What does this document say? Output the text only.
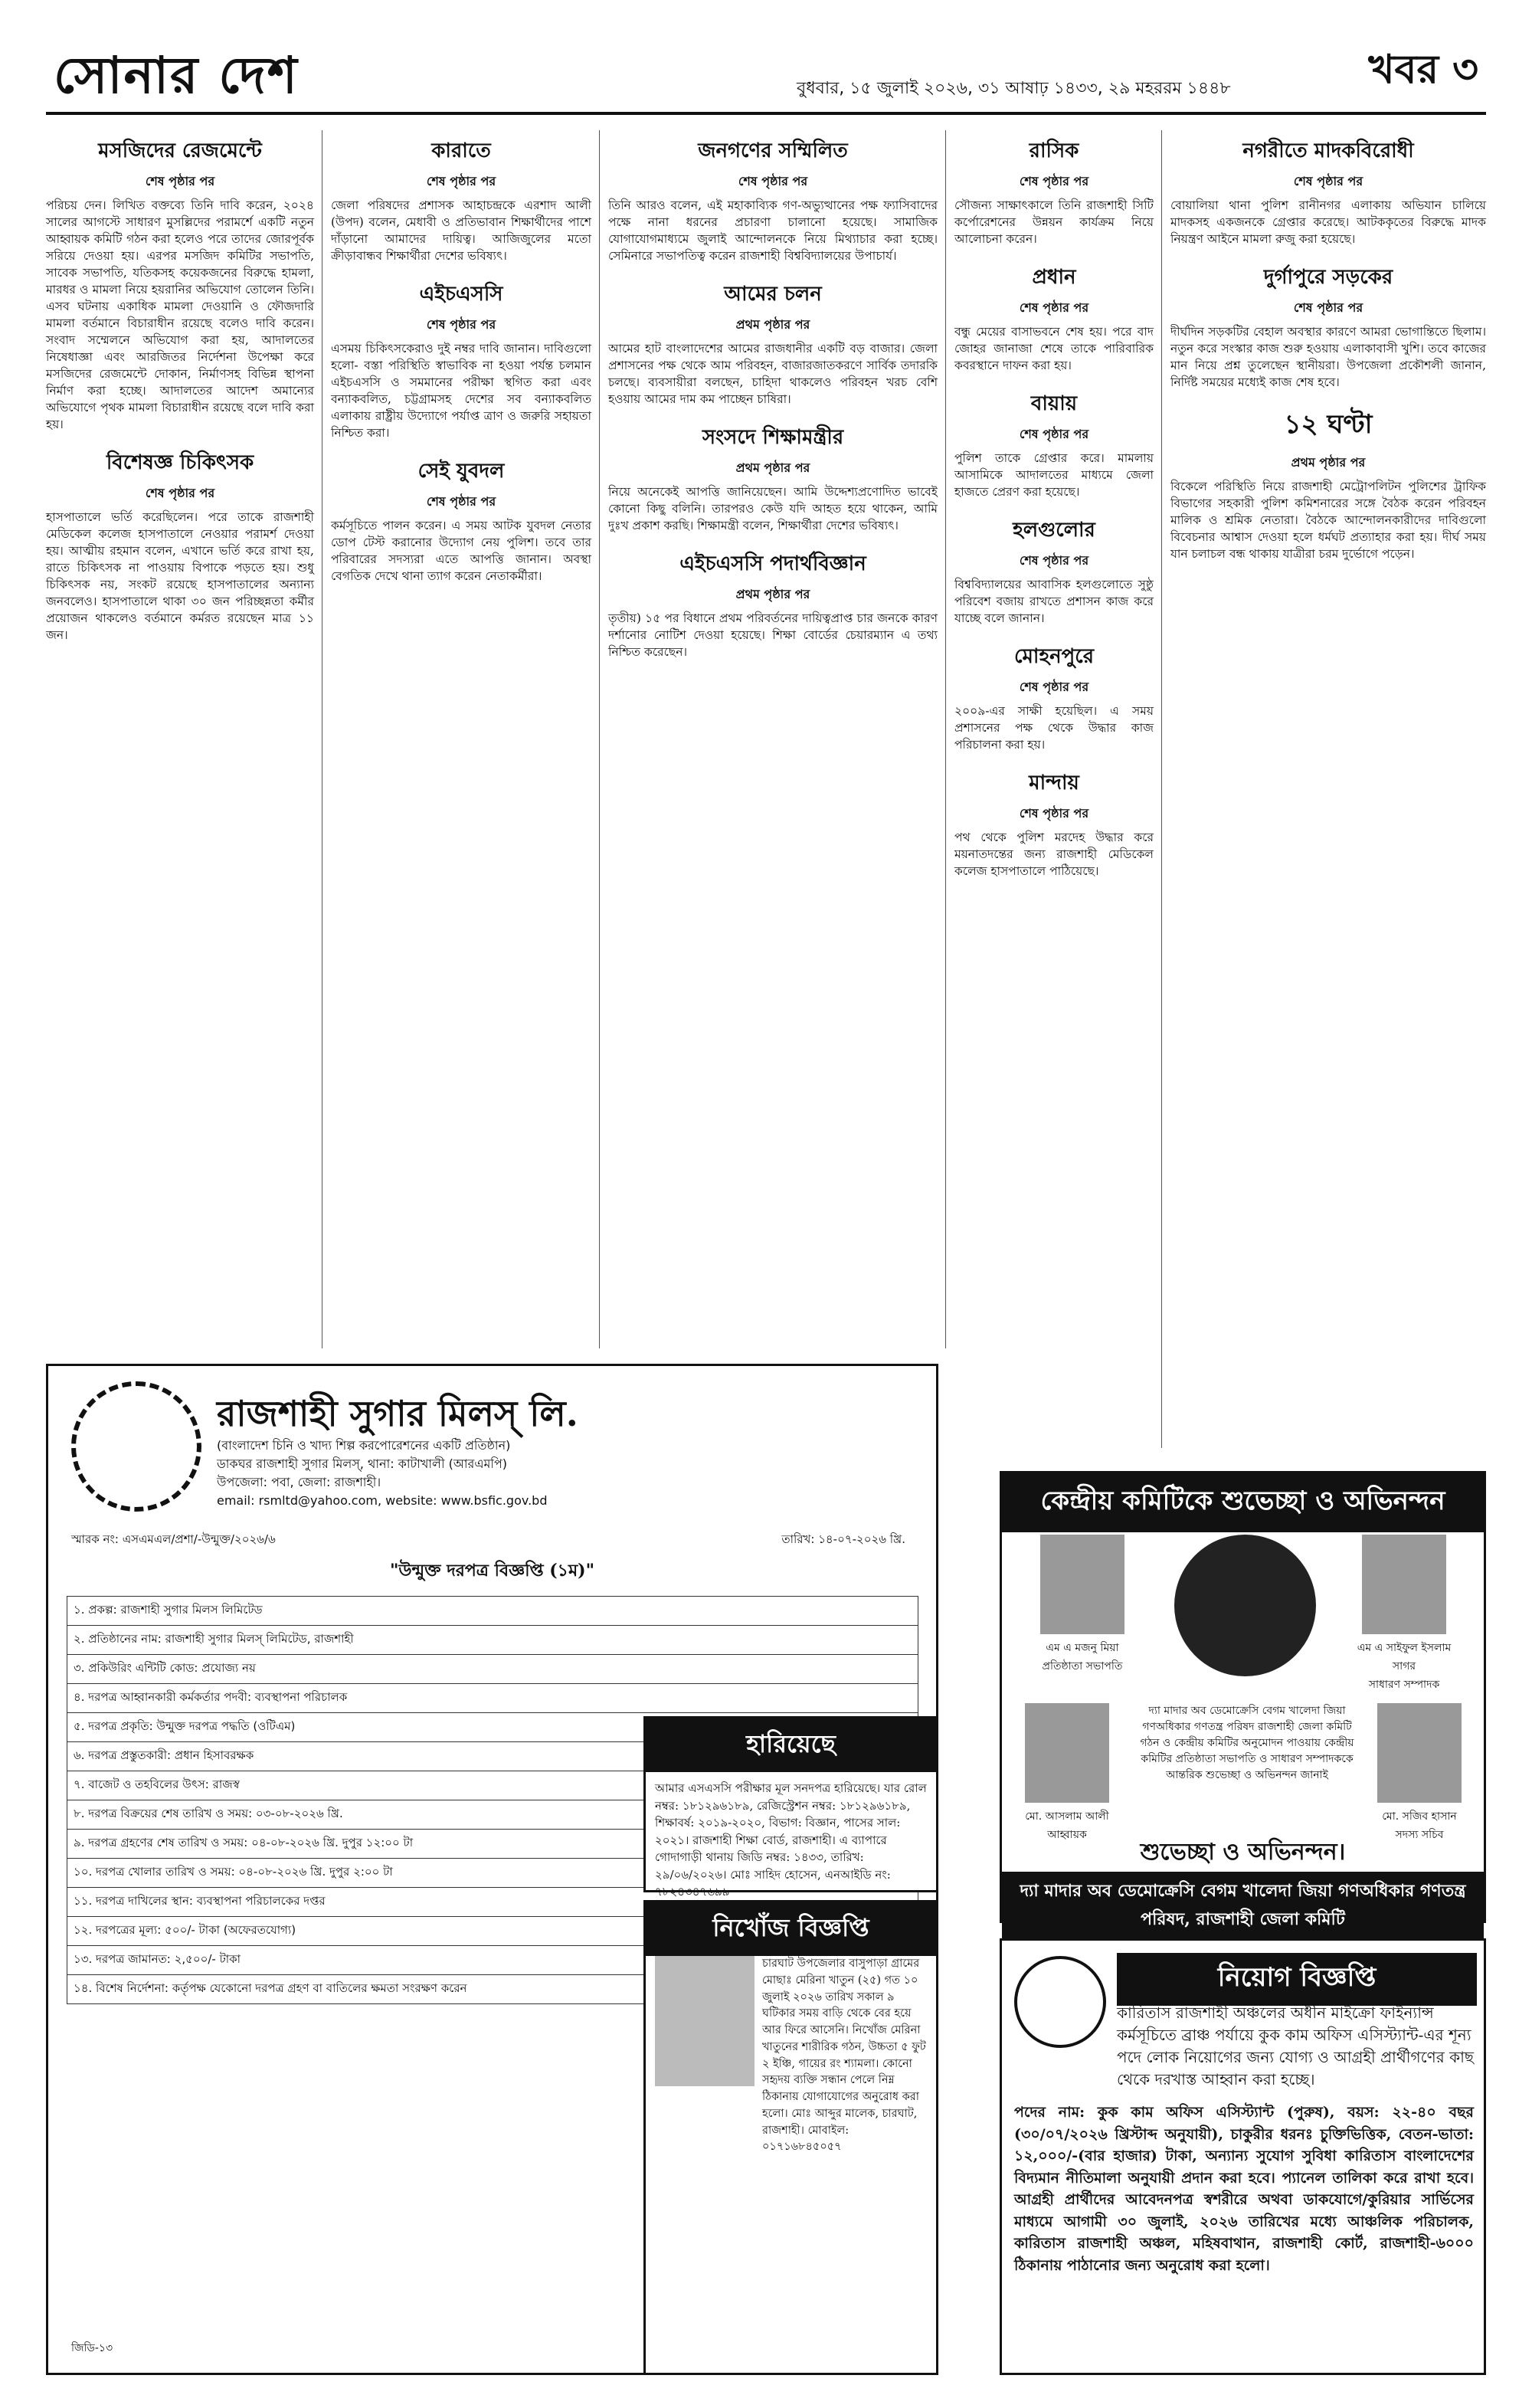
সোনার দেশ	বুধবার, ১৫ জুলাই ২০২৬, ৩১ আষাঢ় ১৪৩৩, ২৯ মহররম ১৪৪৮	খবর ৩
মসজিদের রেজমেন্টে
শেষ পৃষ্ঠার পর
পরিচয় দেন। লিখিত বক্তব্যে তিনি দাবি করেন, ২০২৪ সালের আগস্টে সাধারণ মুসল্লিদের পরামর্শে একটি নতুন আহ্বায়ক কমিটি গঠন করা হলেও পরে তাদের জোরপূর্বক সরিয়ে দেওয়া হয়। এরপর মসজিদ কমিটির সভাপতি, সাবেক সভাপতি, যতিকসহ কয়েকজনের বিরুদ্ধে হামলা, মারধর ও মামলা নিয়ে হয়রানির অভিযোগ তোলেন তিনি। এসব ঘটনায় একাধিক মামলা দেওয়ানি ও ফৌজদারি মামলা বর্তমানে বিচারাধীন রয়েছে বলেও দাবি করেন। সংবাদ সম্মেলনে অভিযোগ করা হয়, আদালতের নিষেধাজ্ঞা এবং আরজিতর নির্দেশনা উপেক্ষা করে মসজিদের রেজমেন্টে দোকান, নির্মাণসহ বিভিন্ন স্থাপনা নির্মাণ করা হচ্ছে। আদালতের আদেশ অমান্যের অভিযোগে পৃথক মামলা বিচারাধীন রয়েছে বলে দাবি করা হয়।
বিশেষজ্ঞ চিকিৎসক
শেষ পৃষ্ঠার পর
হাসপাতালে ভর্তি করেছিলেন। পরে তাকে রাজশাহী মেডিকেল কলেজ হাসপাতালে নেওয়ার পরামর্শ দেওয়া হয়। আত্মীয় রহমান বলেন, এখানে ভর্তি করে রাখা হয়, রাতে চিকিৎসক না পাওয়ায় বিপাকে পড়তে হয়। শুধু চিকিৎসক নয়, সংকট রয়েছে হাসপাতালের অন্যান্য জনবলেও। হাসপাতালে থাকা ৩০ জন পরিচ্ছন্নতা কর্মীর প্রয়োজন থাকলেও বর্তমানে কর্মরত রয়েছেন মাত্র ১১ জন।
কারাতে
শেষ পৃষ্ঠার পর
জেলা পরিষদের প্রশাসক আহাচন্দ্রকে এরশাদ আলী (উপদ) বলেন, মেধাবী ও প্রতিভাবান শিক্ষার্থীদের পাশে দাঁড়ানো আমাদের দায়িত্ব। আজিজুলের মতো ক্রীড়াবান্ধব শিক্ষার্থীরা দেশের ভবিষ্যৎ।
এইচএসসি
শেষ পৃষ্ঠার পর
এসময় চিকিৎসকেরাও দুই নম্বর দাবি জানান। দাবিগুলো হলো- বস্তা পরিস্থিতি স্বাভাবিক না হওয়া পর্যন্ত চলমান এইচএসসি ও সমমানের পরীক্ষা স্থগিত করা এবং বন্যাকবলিত, চট্টগ্রামসহ দেশের সব বন্যাকবলিত এলাকায় রাষ্ট্রীয় উদ্যোগে পর্যাপ্ত ত্রাণ ও জরুরি সহায়তা নিশ্চিত করা।
সেই যুবদল
শেষ পৃষ্ঠার পর
কর্মসূচিতে পালন করেন। এ সময় আটক যুবদল নেতার ডোপ টেস্ট করানোর উদ্যোগ নেয় পুলিশ। তবে তার পরিবারের সদস্যরা এতে আপত্তি জানান। অবস্থা বেগতিক দেখে থানা ত্যাগ করেন নেতাকর্মীরা।
জনগণের সম্মিলিত
শেষ পৃষ্ঠার পর
তিনি আরও বলেন, এই মহাকাব্যিক গণ-অভ্যুত্থানের পক্ষ ফ্যাসিবাদের পক্ষে নানা ধরনের প্রচারণা চালানো হয়েছে। সামাজিক যোগাযোগমাধ্যমে জুলাই আন্দোলনকে নিয়ে মিথ্যাচার করা হচ্ছে। সেমিনারে সভাপতিত্ব করেন রাজশাহী বিশ্ববিদ্যালয়ের উপাচার্য।
আমের চলন
প্রথম পৃষ্ঠার পর
আমের হাট বাংলাদেশের আমের রাজধানীর একটি বড় বাজার। জেলা প্রশাসনের পক্ষ থেকে আম পরিবহন, বাজারজাতকরণে সার্বিক তদারকি চলছে। ব্যবসায়ীরা বলছেন, চাহিদা থাকলেও পরিবহন খরচ বেশি হওয়ায় আমের দাম কম পাচ্ছেন চাষিরা।
সংসদে শিক্ষামন্ত্রীর
প্রথম পৃষ্ঠার পর
নিয়ে অনেকেই আপত্তি জানিয়েছেন। আমি উদ্দেশ্যপ্রণোদিত ভাবেই কোনো কিছু বলিনি। তারপরও কেউ যদি আহত হয়ে থাকেন, আমি দুঃখ প্রকাশ করছি। শিক্ষামন্ত্রী বলেন, শিক্ষার্থীরা দেশের ভবিষ্যৎ।
এইচএসসি পদার্থবিজ্ঞান
প্রথম পৃষ্ঠার পর
তৃতীয়) ১৫ পর বিধানে প্রথম পরিবর্তনের দায়িত্বপ্রাপ্ত চার জনকে কারণ দর্শানোর নোটিশ দেওয়া হয়েছে। শিক্ষা বোর্ডের চেয়ারম্যান এ তথ্য নিশ্চিত করেছেন।
রাসিক
শেষ পৃষ্ঠার পর
সৌজন্য সাক্ষাৎকালে তিনি রাজশাহী সিটি কর্পোরেশনের উন্নয়ন কার্যক্রম নিয়ে আলোচনা করেন।
প্রধান
শেষ পৃষ্ঠার পর
বন্ধু মেয়ের বাসাভবনে শেষ হয়। পরে বাদ জোহর জানাজা শেষে তাকে পারিবারিক কবরস্থানে দাফন করা হয়।
বায়ায়
শেষ পৃষ্ঠার পর
পুলিশ তাকে গ্রেপ্তার করে। মামলায় আসামিকে আদালতের মাধ্যমে জেলা হাজতে প্রেরণ করা হয়েছে।
হলগুলোর
শেষ পৃষ্ঠার পর
বিশ্ববিদ্যালয়ের আবাসিক হলগুলোতে সুষ্ঠু পরিবেশ বজায় রাখতে প্রশাসন কাজ করে যাচ্ছে বলে জানান।
মোহনপুরে
শেষ পৃষ্ঠার পর
২০০৯-এর সাক্ষী হয়েছিল। এ সময় প্রশাসনের পক্ষ থেকে উদ্ধার কাজ পরিচালনা করা হয়।
মান্দায়
শেষ পৃষ্ঠার পর
পথ থেকে পুলিশ মরদেহ উদ্ধার করে ময়নাতদন্তের জন্য রাজশাহী মেডিকেল কলেজ হাসপাতালে পাঠিয়েছে।
নগরীতে মাদকবিরোধী
শেষ পৃষ্ঠার পর
বোয়ালিয়া থানা পুলিশ রানীনগর এলাকায় অভিযান চালিয়ে মাদকসহ একজনকে গ্রেপ্তার করেছে। আটককৃতের বিরুদ্ধে মাদক নিয়ন্ত্রণ আইনে মামলা রুজু করা হয়েছে।
দুর্গাপুরে সড়কের
শেষ পৃষ্ঠার পর
দীর্ঘদিন সড়কটির বেহাল অবস্থার কারণে আমরা ভোগান্তিতে ছিলাম। নতুন করে সংস্কার কাজ শুরু হওয়ায় এলাকাবাসী খুশি। তবে কাজের মান নিয়ে প্রশ্ন তুলেছেন স্থানীয়রা। উপজেলা প্রকৌশলী জানান, নির্দিষ্ট সময়ের মধ্যেই কাজ শেষ হবে।
১২ ঘণ্টা
প্রথম পৃষ্ঠার পর
বিকেলে পরিস্থিতি নিয়ে রাজশাহী মেট্রোপলিটন পুলিশের ট্রাফিক বিভাগের সহকারী পুলিশ কমিশনারের সঙ্গে বৈঠক করেন পরিবহন মালিক ও শ্রমিক নেতারা। বৈঠকে আন্দোলনকারীদের দাবিগুলো বিবেচনার আশ্বাস দেওয়া হলে ধর্মঘট প্রত্যাহার করা হয়। দীর্ঘ সময় যান চলাচল বন্ধ থাকায় যাত্রীরা চরম দুর্ভোগে পড়েন।
রাজশাহী সুগার মিলস্ লি.
(বাংলাদেশ চিনি ও খাদ্য শিল্প করপোরেশনের একটি প্রতিষ্ঠান)
ডাকঘর রাজশাহী সুগার মিলস্, থানা: কাটাখালী (আরএমপি)
উপজেলা: পবা, জেলা: রাজশাহী।
email: rsmltd@yahoo.com, website: www.bsfic.gov.bd
স্মারক নং: এসএমএল/প্রশা/-উন্মুক্ত/২০২৬/৬	তারিখ: ১৪-০৭-২০২৬ খ্রি.
"উন্মুক্ত দরপত্র বিজ্ঞপ্তি (১ম)"
১. প্রকল্প: রাজশাহী সুগার মিলস লিমিটেড
২. প্রতিষ্ঠানের নাম: রাজশাহী সুগার মিলস্ লিমিটেড, রাজশাহী
৩. প্রকিউরিং এন্টিটি কোড: প্রযোজ্য নয়
৪. দরপত্র আহ্বানকারী কর্মকর্তার পদবী: ব্যবস্থাপনা পরিচালক
৫. দরপত্র প্রকৃতি: উন্মুক্ত দরপত্র পদ্ধতি (ওটিএম)
৬. দরপত্র প্রস্তুতকারী: প্রধান হিসাবরক্ষক
৭. বাজেট ও তহবিলের উৎস: রাজস্ব
৮. দরপত্র বিক্রয়ের শেষ তারিখ ও সময়: ০৩-০৮-২০২৬ খ্রি.
৯. দরপত্র গ্রহণের শেষ তারিখ ও সময়: ০৪-০৮-২০২৬ খ্রি. দুপুর ১২:০০ টা
১০. দরপত্র খোলার তারিখ ও সময়: ০৪-০৮-২০২৬ খ্রি. দুপুর ২:০০ টা
১১. দরপত্র দাখিলের স্থান: ব্যবস্থাপনা পরিচালকের দপ্তর
১২. দরপত্রের মূল্য: ৫০০/- টাকা (অফেরতযোগ্য)
১৩. দরপত্র জামানত: ২,৫০০/- টাকা
১৪. বিশেষ নির্দেশনা: কর্তৃপক্ষ যেকোনো দরপত্র গ্রহণ বা বাতিলের ক্ষমতা সংরক্ষণ করেন
জিডি-১৩
হারিয়েছে
আমার এসএসসি পরীক্ষার মূল সনদপত্র হারিয়েছে। যার রোল নম্বর: ১৮১২৯৬১৮৯, রেজিস্ট্রেশন নম্বর: ১৮১২৯৬১৮৯, শিক্ষাবর্ষ: ২০১৯-২০২০, বিভাগ: বিজ্ঞান, পাসের সাল: ২০২১। রাজশাহী শিক্ষা বোর্ড, রাজশাহী। এ ব্যাপারে গোদাগাড়ী থানায় জিডি নম্বর: ১৪৩৩, তারিখ: ২৯/০৬/২০২৬। মোঃ সাহিদ হোসেন, এনআইডি নং: ৭৮২৪৩৪৭৬৯৯
নিখোঁজ বিজ্ঞপ্তি
চারঘাট উপজেলার বাসুপাড়া গ্রামের মোছাঃ মেরিনা খাতুন (২৫) গত ১০ জুলাই ২০২৬ তারিখ সকাল ৯ ঘটিকার সময় বাড়ি থেকে বের হয়ে আর ফিরে আসেনি। নিখোঁজ মেরিনা খাতুনের শারীরিক গঠন, উচ্চতা ৫ ফুট ২ ইঞ্চি, গায়ের রং শ্যামলা। কোনো সহৃদয় ব্যক্তি সন্ধান পেলে নিম্ন ঠিকানায় যোগাযোগের অনুরোধ করা হলো। মোঃ আব্দুর মালেক, চারঘাট, রাজশাহী। মোবাইল: ০১৭১৬৮৪৫০৫৭
কেন্দ্রীয় কমিটিকে শুভেচ্ছা ও অভিনন্দন
এম এ মজনু মিয়া
প্রতিষ্ঠাতা সভাপতি
এম এ সাইফুল ইসলাম সাগর
সাধারণ সম্পাদক
মো. আসলাম আলী
আহ্বায়ক
দ্যা মাদার অব ডেমোক্রেসি বেগম খালেদা জিয়া গণঅধিকার গণতন্ত্র পরিষদ রাজশাহী জেলা কমিটি গঠন ও কেন্দ্রীয় কমিটির অনুমোদন পাওয়ায় কেন্দ্রীয় কমিটির প্রতিষ্ঠাতা সভাপতি ও সাধারণ সম্পাদককে আন্তরিক শুভেচ্ছা ও অভিনন্দন জানাই
মো. সজিব হাসান
সদস্য সচিব
শুভেচ্ছা ও অভিনন্দন।
দ্যা মাদার অব ডেমোক্রেসি বেগম খালেদা জিয়া গণঅধিকার গণতন্ত্র পরিষদ, রাজশাহী জেলা কমিটি
নিয়োগ বিজ্ঞপ্তি
কারিতাস রাজশাহী অঞ্চলের অধীন মাইক্রো ফাইন্যান্স কর্মসূচিতে ব্রাঞ্চ পর্যায়ে কুক কাম অফিস এসিস্ট্যান্ট-এর শূন্য পদে লোক নিয়োগের জন্য যোগ্য ও আগ্রহী প্রার্থীগণের কাছ থেকে দরখাস্ত আহ্বান করা হচ্ছে।
পদের নাম: কুক কাম অফিস এসিস্ট্যান্ট (পুরুষ), বয়স: ২২-৪০ বছর (৩০/০৭/২০২৬ খ্রিস্টাব্দ অনুযায়ী), চাকুরীর ধরনঃ চুক্তিভিত্তিক, বেতন-ভাতা: ১২,০০০/-(বার হাজার) টাকা, অন্যান্য সুযোগ সুবিধা কারিতাস বাংলাদেশের বিদ্যমান নীতিমালা অনুযায়ী প্রদান করা হবে। প্যানেল তালিকা করে রাখা হবে। আগ্রহী প্রার্থীদের আবেদনপত্র স্বশরীরে অথবা ডাকযোগে/কুরিয়ার সার্ভিসের মাধ্যমে আগামী ৩০ জুলাই, ২০২৬ তারিখের মধ্যে আঞ্চলিক পরিচালক, কারিতাস রাজশাহী অঞ্চল, মহিষবাথান, রাজশাহী কোর্ট, রাজশাহী-৬০০০ ঠিকানায় পাঠানোর জন্য অনুরোধ করা হলো।
